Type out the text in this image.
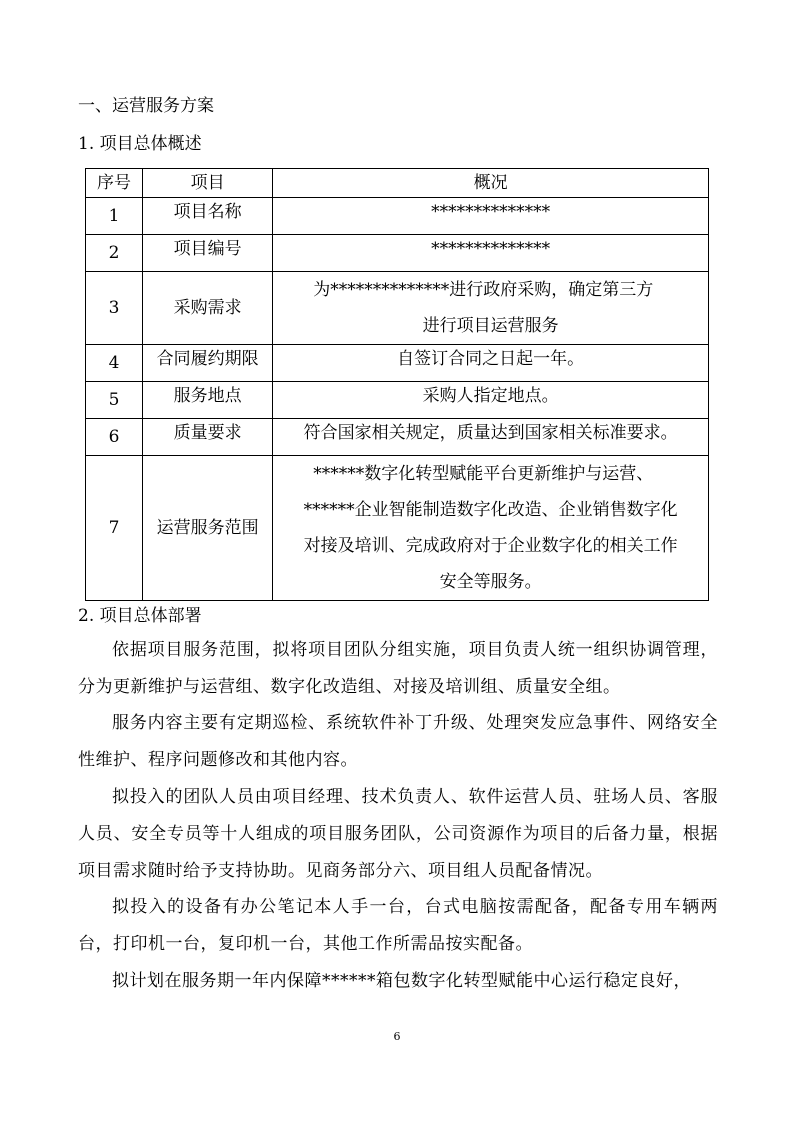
一、运营服务方案
1. 项目总体概述
序号	项目	概况
1	项目名称	**************
2	项目编号	**************
3	采购需求	为**************进行政府采购，确定第三方
进行项目运营服务

4	合同履约期限	自签订合同之日起一年。
5	服务地点	采购人指定地点。
6	质量要求	符合国家相关规定，质量达到国家相关标准要求。
7	运营服务范围	******数字化转型赋能平台更新维护与运营、
******企业智能制造数字化改造、企业销售数字化
对接及培训、完成政府对于企业数字化的相关工作
安全等服务。
2. 项目总体部署
依据项目服务范围，拟将项目团队分组实施，项目负责人统一组织协调管理，分为更新维护与运营组、数字化改造组、对接及培训组、质量安全组。
服务内容主要有定期巡检、系统软件补丁升级、处理突发应急事件、网络安全性维护、程序问题修改和其他内容。
拟投入的团队人员由项目经理、技术负责人、软件运营人员、驻场人员、客服人员、安全专员等十人组成的项目服务团队，公司资源作为项目的后备力量，根据项目需求随时给予支持协助。见商务部分六、项目组人员配备情况。
拟投入的设备有办公笔记本人手一台，台式电脑按需配备，配备专用车辆两台，打印机一台，复印机一台，其他工作所需品按实配备。
拟计划在服务期一年内保障******箱包数字化转型赋能中心运行稳定良好，
6
